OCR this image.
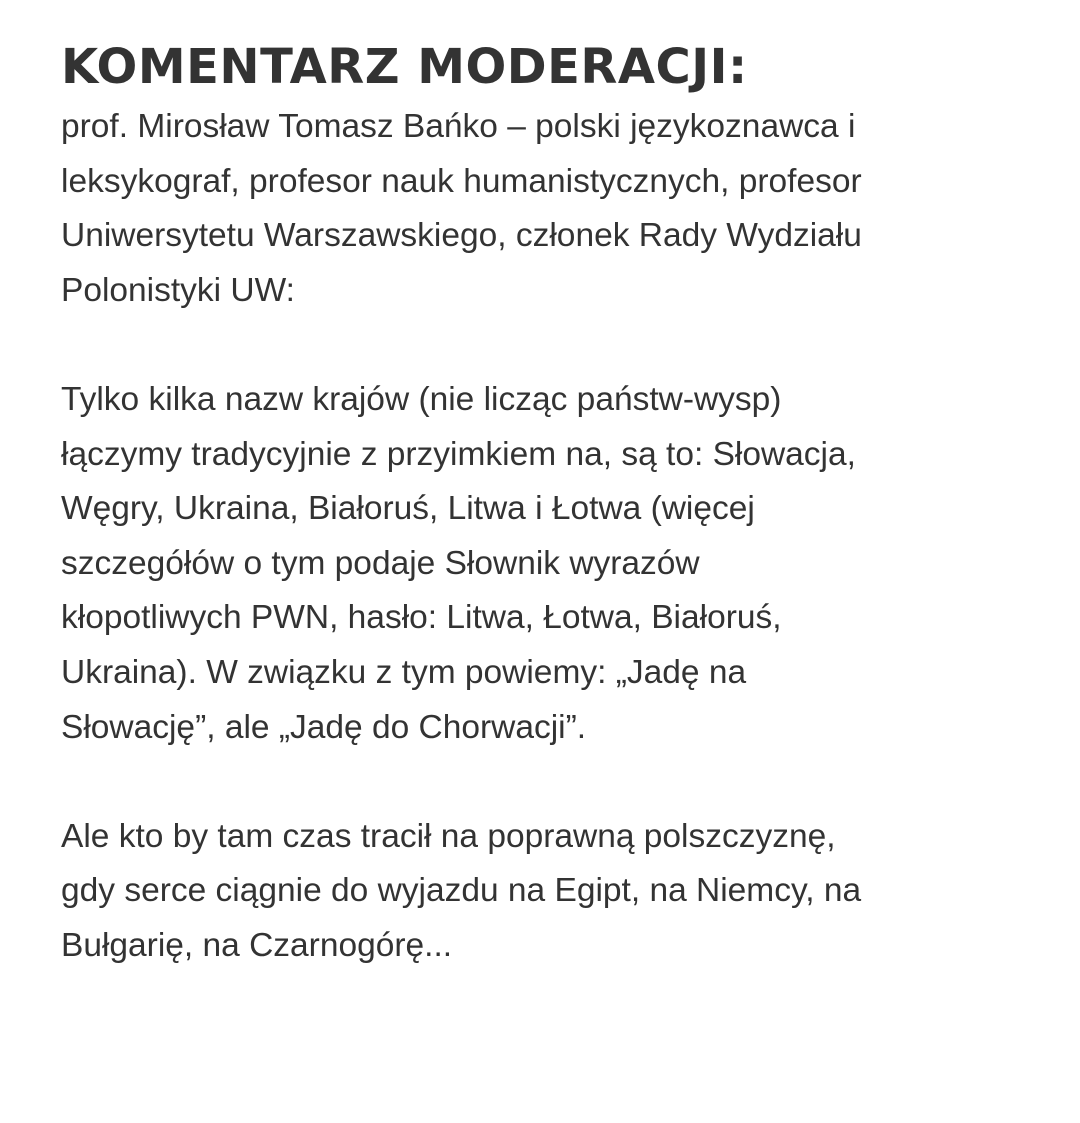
KOMENTARZ MODERACJI:

prof. Mirosław Tomasz Bańko – polski językoznawca i
leksykograf, profesor nauk humanistycznych, profesor
Uniwersytetu Warszawskiego, członek Rady Wydziału
Polonistyki UW:

Tylko kilka nazw krajów (nie licząc państw-wysp)
łączymy tradycyjnie z przyimkiem na, są to: Słowacja,
Węgry, Ukraina, Białoruś, Litwa i Łotwa (więcej
szczegółów o tym podaje Słownik wyrazów
kłopotliwych PWN, hasło: Litwa, Łotwa, Białoruś,
Ukraina). W związku z tym powiemy: „Jadę na
Słowację”, ale „Jadę do Chorwacji”.

Ale kto by tam czas tracił na poprawną polszczyznę,
gdy serce ciągnie do wyjazdu na Egipt, na Niemcy, na
Bułgarię, na Czarnogórę...
